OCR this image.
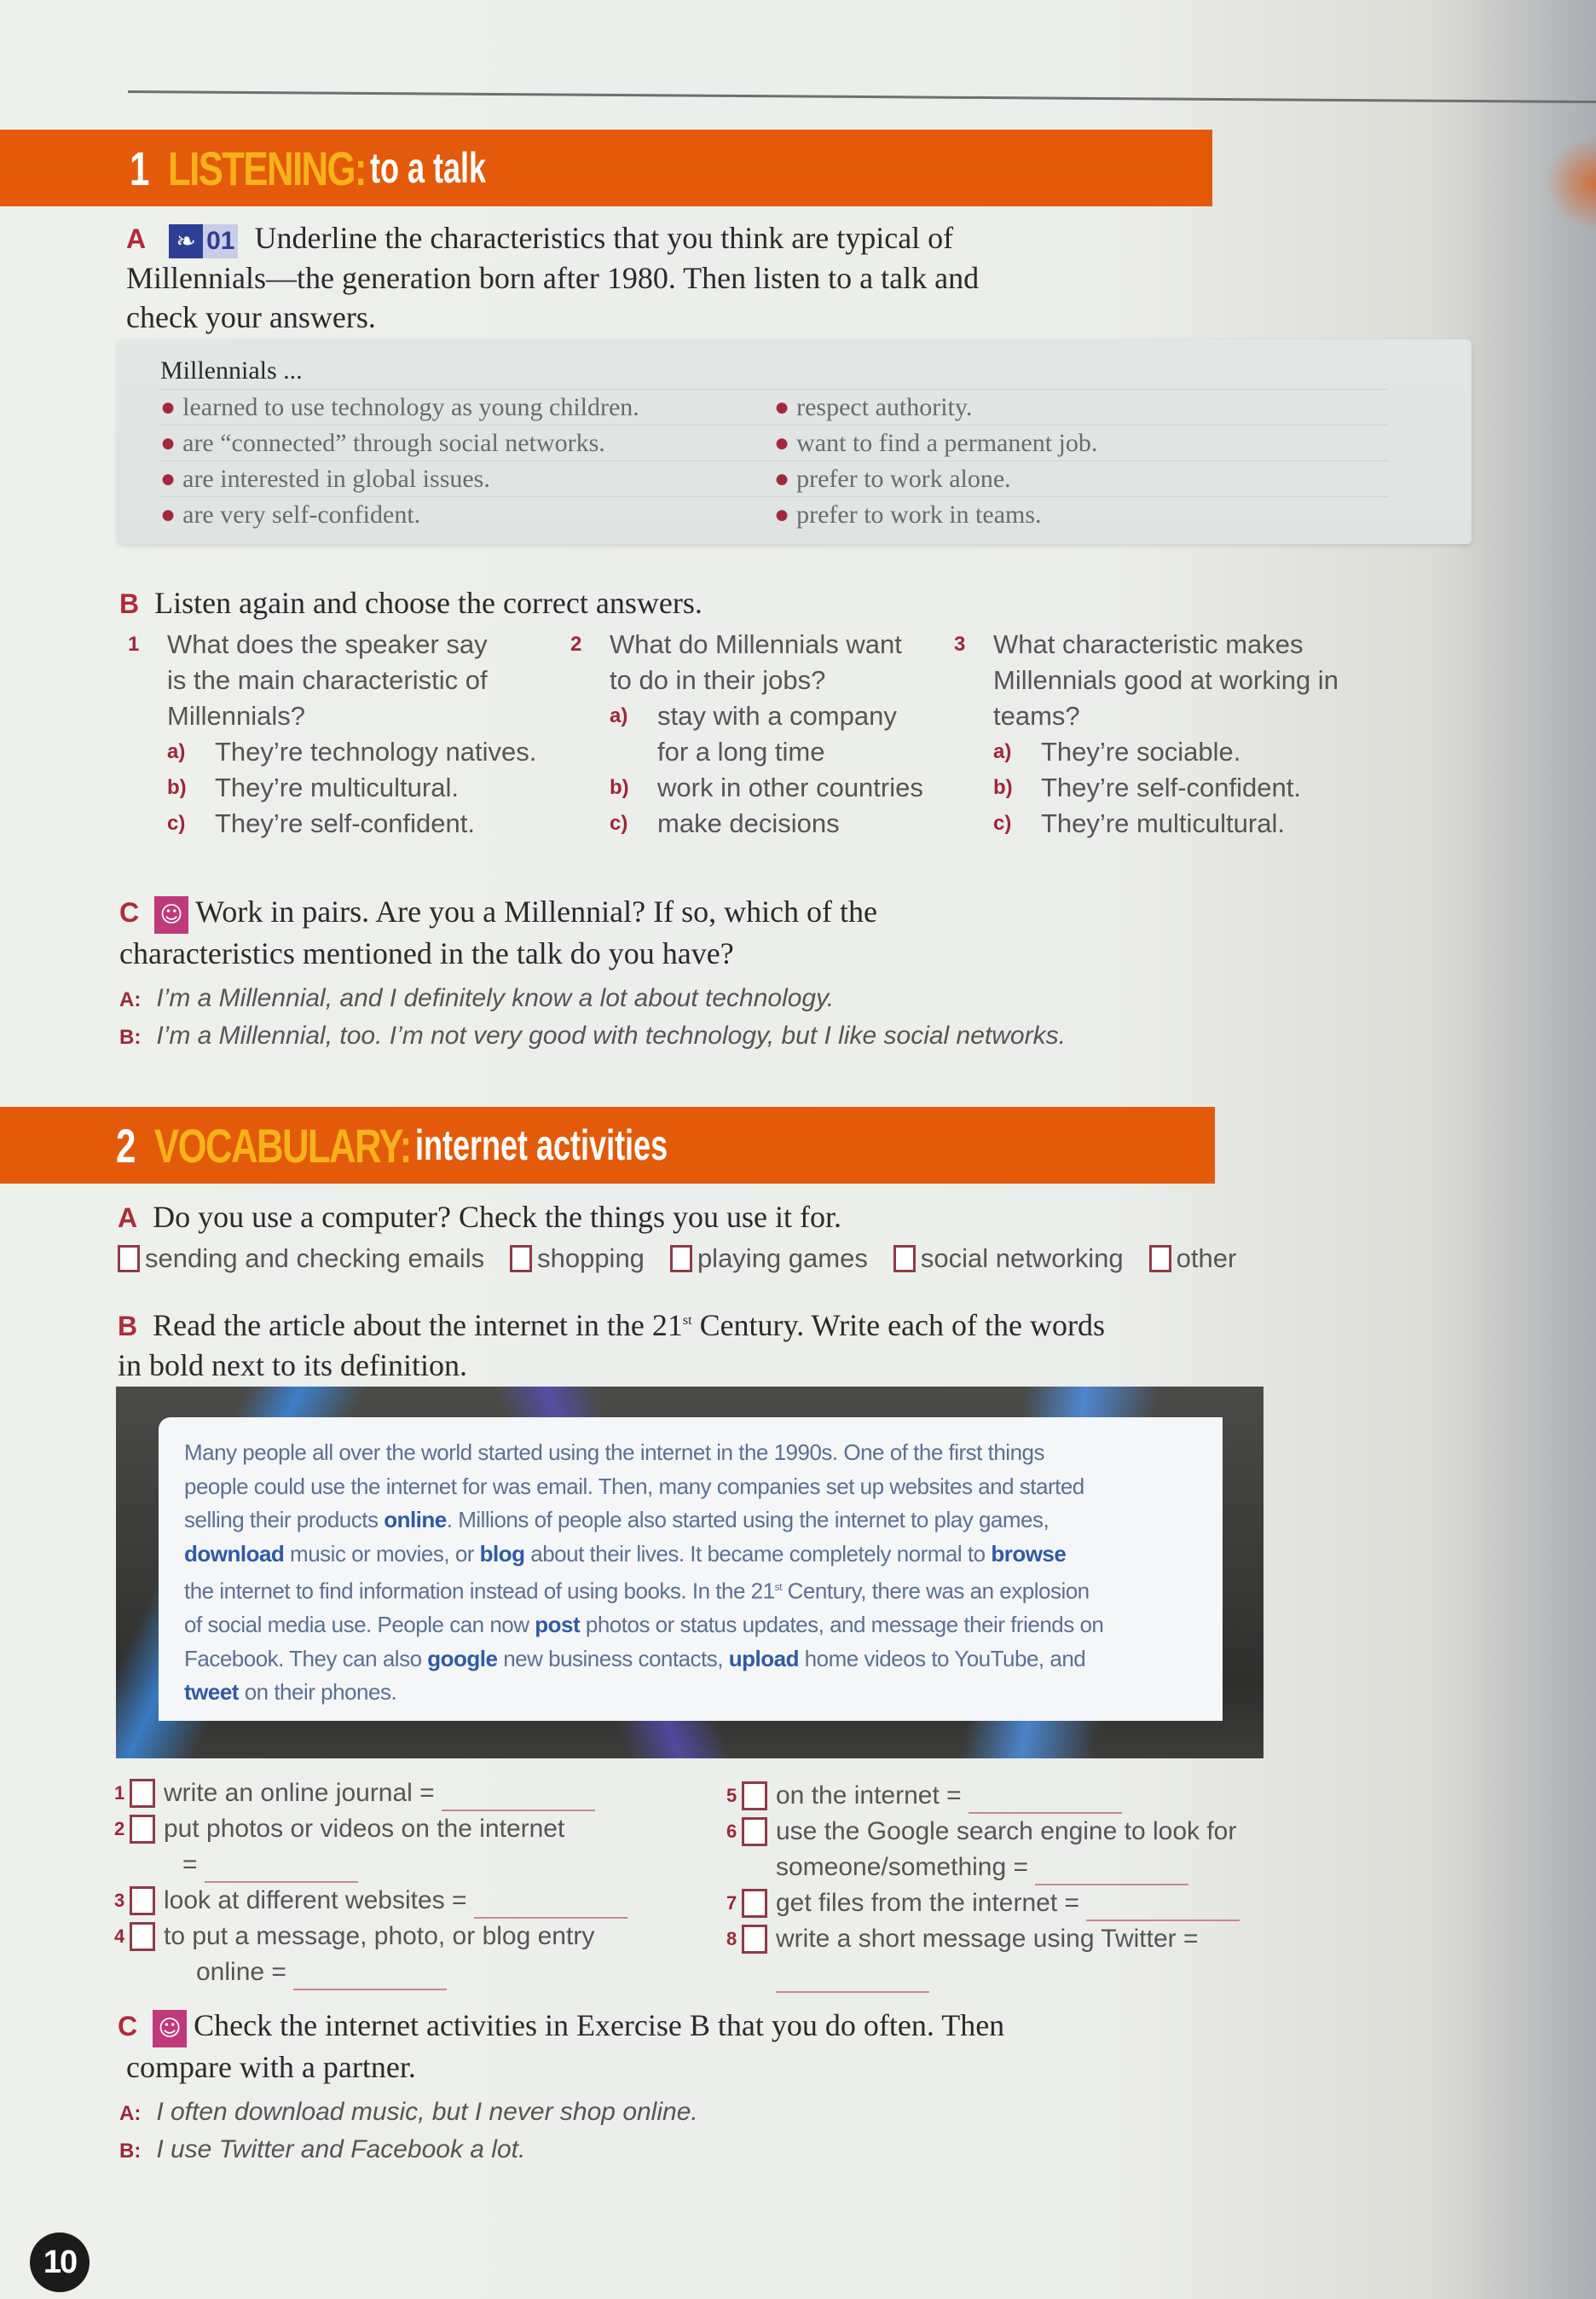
1 LISTENING: to a talk
A ❧ 01 Underline the characteristics that you think are typical of
Millennials—the generation born after 1980. Then listen to a talk and
check your answers.
Millennials ...
● learned to use technology as young children.	● respect authority.
● are “connected” through social networks.	● want to find a permanent job.
● are interested in global issues.	● prefer to work alone.
● are very self-confident.	● prefer to work in teams.
B Listen again and choose the correct answers.
1 What does the speaker say
is the main characteristic of
Millennials?
a) They’re technology natives.
b) They’re multicultural.
c) They’re self-confident.
2 What do Millennials want
to do in their jobs?
a) stay with a company
for a long time
b) work in other countries
c) make decisions
3 What characteristic makes
Millennials good at working in
teams?
a) They’re sociable.
b) They’re self-confident.
c) They’re multicultural.
C ☺ Work in pairs. Are you a Millennial? If so, which of the
characteristics mentioned in the talk do you have?
A: I’m a Millennial, and I definitely know a lot about technology.
B: I’m a Millennial, too. I’m not very good with technology, but I like social networks.
2 VOCABULARY: internet activities
A Do you use a computer? Check the things you use it for.
sending and checking emails shopping playing games social networking other
B Read the article about the internet in the 21st Century. Write each of the words
in bold next to its definition.
Many people all over the world started using the internet in the 1990s. One of the first things
people could use the internet for was email. Then, many companies set up websites and started
selling their products online. Millions of people also started using the internet to play games,
download music or movies, or blog about their lives. It became completely normal to browse
the internet to find information instead of using books. In the 21st Century, there was an explosion
of social media use. People can now post photos or status updates, and message their friends on
Facebook. They can also google new business contacts, upload home videos to YouTube, and
tweet on their phones.
1 write an online journal =
2 put photos or videos on the internet
=
3 look at different websites =
4 to put a message, photo, or blog entry
online =
5 on the internet =
6 use the Google search engine to look for
someone/something =
7 get files from the internet =
8 write a short message using Twitter =

C ☺ Check the internet activities in Exercise B that you do often. Then
compare with a partner.
A: I often download music, but I never shop online.
B: I use Twitter and Facebook a lot.
10
